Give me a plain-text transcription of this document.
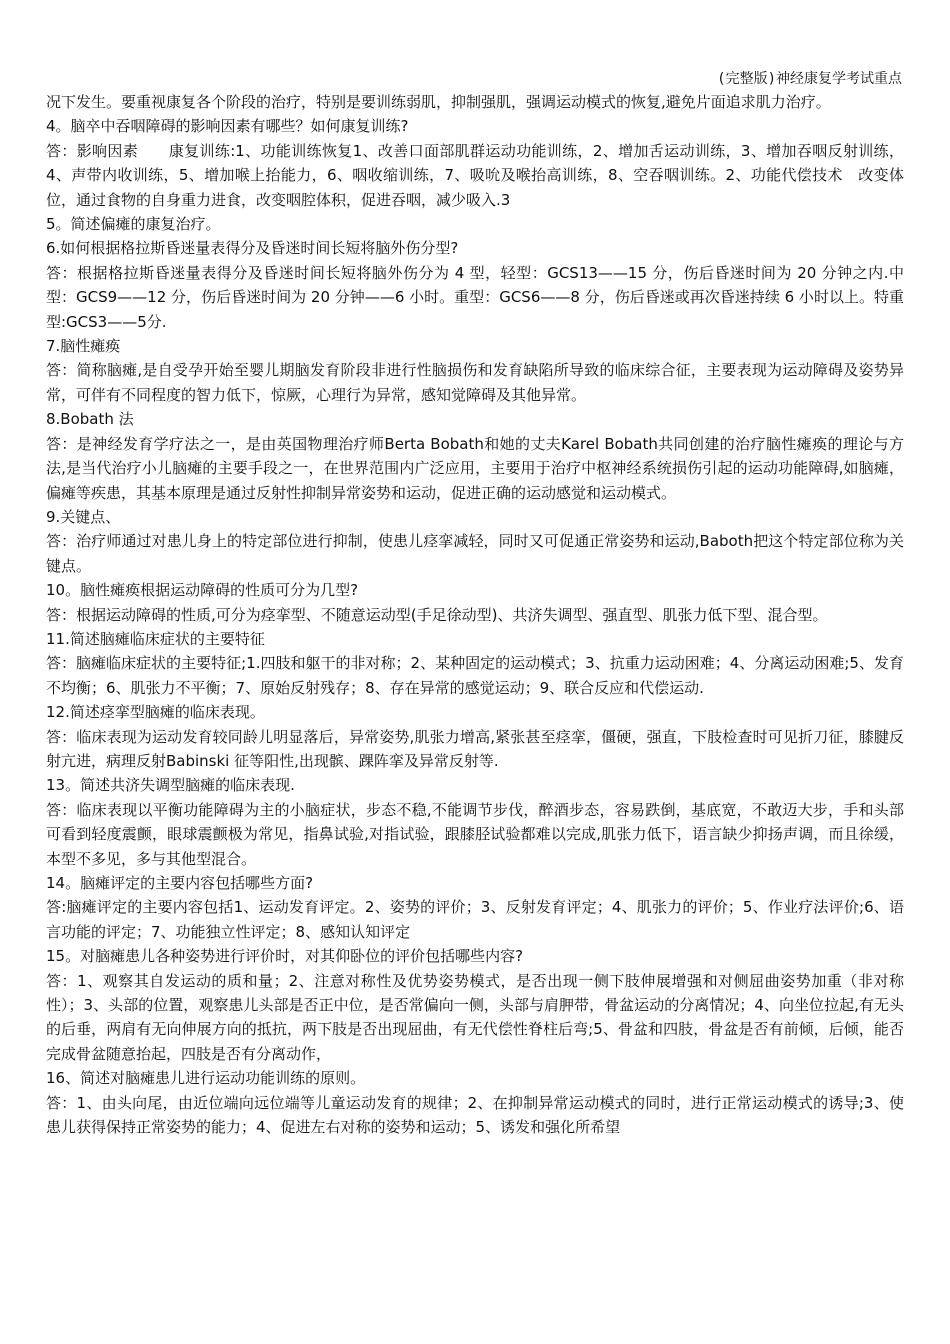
(完整版)神经康复学考试重点

况下发生。要重视康复各个阶段的治疗，特别是要训练弱肌，抑制强肌，强调运动模式的恢复,避免片面追求肌力治疗。

4。脑卒中吞咽障碍的影响因素有哪些？如何康复训练?

答：影响因素　　康复训练:1、功能训练恢复1、改善口面部肌群运动功能训练，2、增加舌运动训练，3、增加吞咽反射训练，4、声带内收训练，5、增加喉上抬能力，6、咽收缩训练，7、吸吮及喉抬高训练，8、空吞咽训练。2、功能代偿技术　改变体位，通过食物的自身重力进食，改变咽腔体积，促进吞咽，减少吸入.3

5。简述偏瘫的康复治疗。

6.如何根据格拉斯昏迷量表得分及昏迷时间长短将脑外伤分型?

答：根据格拉斯昏迷量表得分及昏迷时间长短将脑外伤分为 4 型，轻型：GCS13——15 分，伤后昏迷时间为 20 分钟之内.中型：GCS9——12 分，伤后昏迷时间为 20 分钟——6 小时。重型：GCS6——8 分，伤后昏迷或再次昏迷持续 6 小时以上。特重型:GCS3——5分.

7.脑性瘫痪

答：简称脑瘫,是自受孕开始至婴儿期脑发育阶段非进行性脑损伤和发育缺陷所导致的临床综合征，主要表现为运动障碍及姿势异常，可伴有不同程度的智力低下，惊厥，心理行为异常，感知觉障碍及其他异常。

8.Bobath 法

答：是神经发育学疗法之一，是由英国物理治疗师Berta Bobath和她的丈夫Karel Bobath共同创建的治疗脑性瘫痪的理论与方法,是当代治疗小儿脑瘫的主要手段之一，在世界范围内广泛应用，主要用于治疗中枢神经系统损伤引起的运动功能障碍,如脑瘫，偏瘫等疾患，其基本原理是通过反射性抑制异常姿势和运动，促进正确的运动感觉和运动模式。

9.关键点、

答：治疗师通过对患儿身上的特定部位进行抑制，使患儿痉挛减轻，同时又可促通正常姿势和运动,Baboth把这个特定部位称为关键点。

10。脑性瘫痪根据运动障碍的性质可分为几型?

答：根据运动障碍的性质,可分为痉挛型、不随意运动型(手足徐动型)、共济失调型、强直型、肌张力低下型、混合型。

11.简述脑瘫临床症状的主要特征

答：脑瘫临床症状的主要特征;1.四肢和躯干的非对称；2、某种固定的运动模式；3、抗重力运动困难；4、分离运动困难;5、发育不均衡；6、肌张力不平衡；7、原始反射残存；8、存在异常的感觉运动；9、联合反应和代偿运动.

12.简述痉挛型脑瘫的临床表现。

答：临床表现为运动发育较同龄儿明显落后，异常姿势,肌张力增高,紧张甚至痉挛，僵硬，强直，下肢检查时可见折刀征，膝腱反射亢进，病理反射Babinski 征等阳性,出现髌、踝阵挛及异常反射等.

13。简述共济失调型脑瘫的临床表现.

答：临床表现以平衡功能障碍为主的小脑症状，步态不稳,不能调节步伐，醉酒步态，容易跌倒，基底宽，不敢迈大步，手和头部可看到轻度震颤，眼球震颤极为常见，指鼻试验,对指试验，跟膝胫试验都难以完成,肌张力低下，语言缺少抑扬声调，而且徐缓，本型不多见，多与其他型混合。

14。脑瘫评定的主要内容包括哪些方面?

答:脑瘫评定的主要内容包括1、运动发育评定。2、姿势的评价；3、反射发育评定；4、肌张力的评价；5、作业疗法评价;6、语言功能的评定；7、功能独立性评定；8、感知认知评定

15。对脑瘫患儿各种姿势进行评价时，对其仰卧位的评价包括哪些内容?

答：1、观察其自发运动的质和量；2、注意对称性及优势姿势模式，是否出现一侧下肢伸展增强和对侧屈曲姿势加重（非对称性）；3、头部的位置，观察患儿头部是否正中位，是否常偏向一侧，头部与肩胛带，骨盆运动的分离情况；4、向坐位拉起,有无头的后垂，两肩有无向伸展方向的抵抗，两下肢是否出现屈曲，有无代偿性脊柱后弯;5、骨盆和四肢，骨盆是否有前倾，后倾，能否完成骨盆随意抬起，四肢是否有分离动作，

16、简述对脑瘫患儿进行运动功能训练的原则。

答：1、由头向尾，由近位端向远位端等儿童运动发育的规律；2、在抑制异常运动模式的同时，进行正常运动模式的诱导;3、使患儿获得保持正常姿势的能力；4、促进左右对称的姿势和运动；5、诱发和强化所希望
